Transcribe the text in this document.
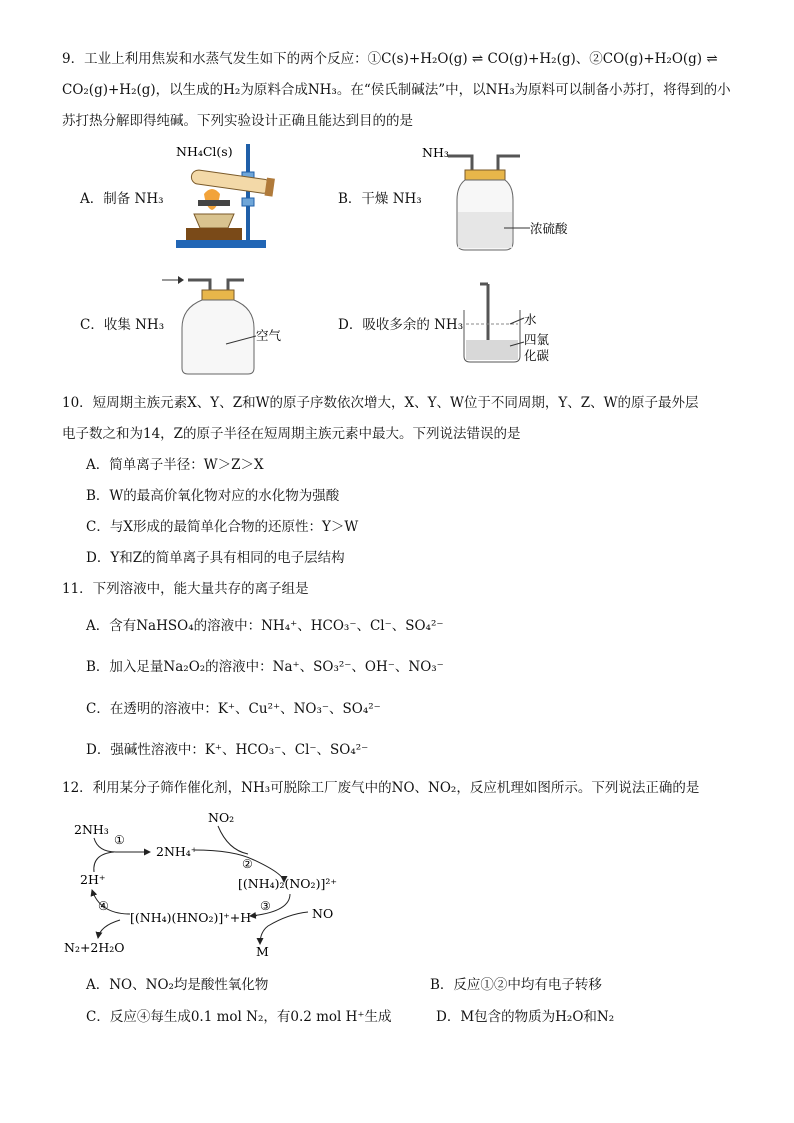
9．工业上利用焦炭和水蒸气发生如下的两个反应：①C(s)+H₂O(g) ⇌ CO(g)+H₂(g)、②CO(g)+H₂O(g) ⇌
CO₂(g)+H₂(g)，以生成的H₂为原料合成NH₃。在“侯氏制碱法”中，以NH₃为原料可以制备小苏打，将得到的小
苏打热分解即得纯碱。下列实验设计正确且能达到目的的是
A．制备 NH₃	B．干燥 NH₃
C．收集 NH₃	D．吸收多余的 NH₃
NH₄Cl(s)	NH₃
浓硫酸
空气
水
四氯
化碳
10．短周期主族元素X、Y、Z和W的原子序数依次增大，X、Y、W位于不同周期，Y、Z、W的原子最外层
电子数之和为14，Z的原子半径在短周期主族元素中最大。下列说法错误的是
A．简单离子半径：W＞Z＞X
B．W的最高价氧化物对应的水化物为强酸
C．与X形成的最简单化合物的还原性：Y＞W
D．Y和Z的简单离子具有相同的电子层结构
11．下列溶液中，能大量共存的离子组是
A．含有NaHSO₄的溶液中：NH₄⁺、HCO₃⁻、Cl⁻、SO₄²⁻
B．加入足量Na₂O₂的溶液中：Na⁺、SO₃²⁻、OH⁻、NO₃⁻
C．在透明的溶液中：K⁺、Cu²⁺、NO₃⁻、SO₄²⁻
D．强碱性溶液中：K⁺、HCO₃⁻、Cl⁻、SO₄²⁻
12．利用某分子筛作催化剂，NH₃可脱除工厂废气中的NO、NO₂，反应机理如图所示。下列说法正确的是
2NH₃
①
2NH₄⁺
NO₂
②
[(NH₄)₂(NO₂)]²⁺
③	NO
[(NH₄)(HNO₂)]⁺+H⁺
M
④
2H⁺
N₂+2H₂O
A．NO、NO₂均是酸性氧化物	B．反应①②中均有电子转移
C．反应④每生成0.1 mol N₂，有0.2 mol H⁺生成	D．M包含的物质为H₂O和N₂
